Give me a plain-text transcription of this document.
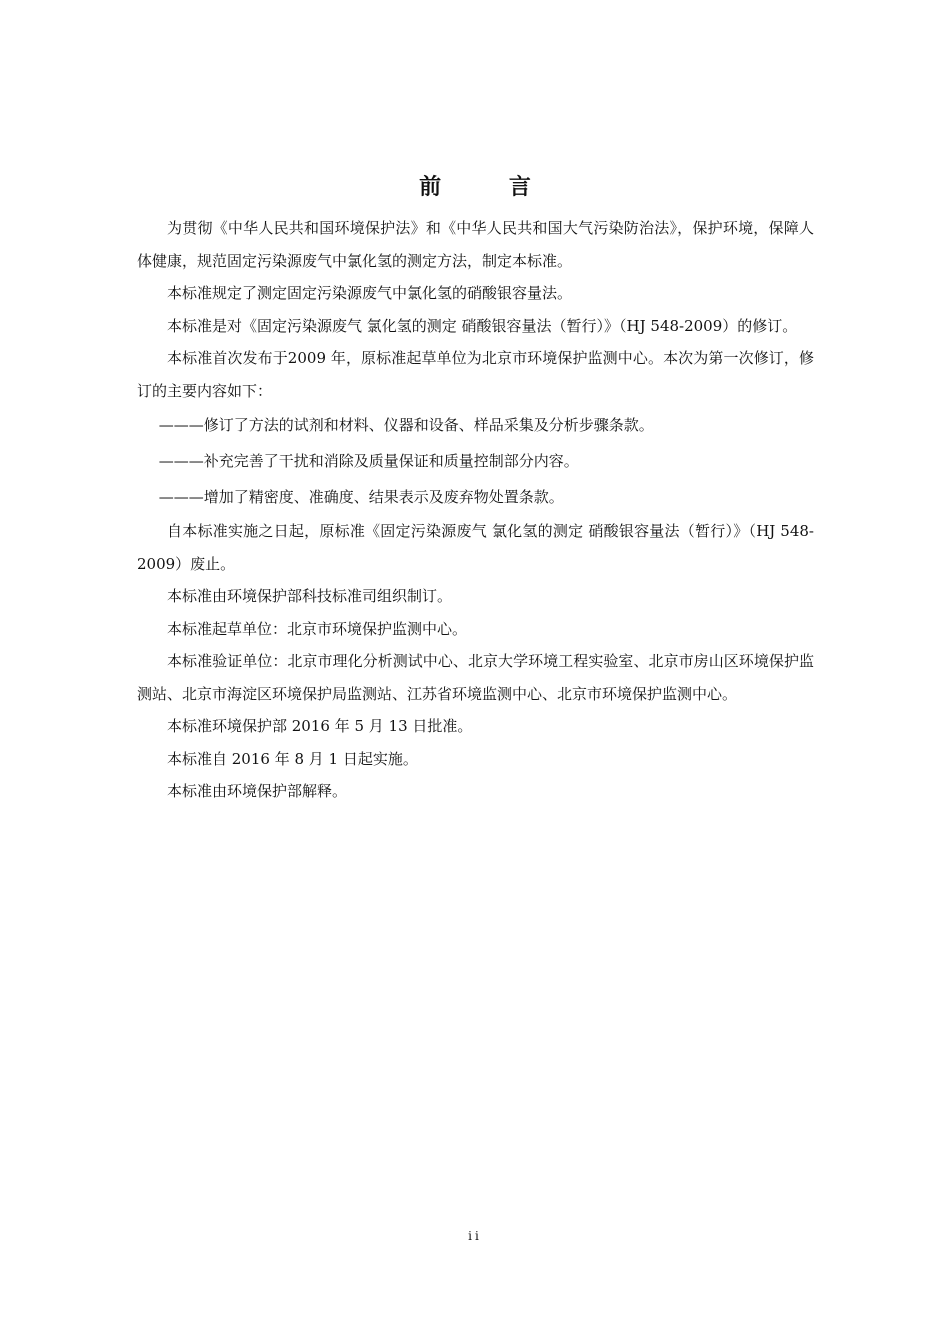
前 言

为贯彻《中华人民共和国环境保护法》和《中华人民共和国大气污染防治法》，保护环境，保障人体健康，规范固定污染源废气中氯化氢的测定方法，制定本标准。

本标准规定了测定固定污染源废气中氯化氢的硝酸银容量法。

本标准是对《固定污染源废气 氯化氢的测定 硝酸银容量法（暂行）》（HJ 548-2009）的修订。

本标准首次发布于2009 年，原标准起草单位为北京市环境保护监测中心。本次为第一次修订，修订的主要内容如下：

———修订了方法的试剂和材料、仪器和设备、样品采集及分析步骤条款。

———补充完善了干扰和消除及质量保证和质量控制部分内容。

———增加了精密度、准确度、结果表示及废弃物处置条款。

自本标准实施之日起，原标准《固定污染源废气 氯化氢的测定 硝酸银容量法（暂行）》（HJ 548-2009）废止。

本标准由环境保护部科技标准司组织制订。

本标准起草单位：北京市环境保护监测中心。

本标准验证单位：北京市理化分析测试中心、北京大学环境工程实验室、北京市房山区环境保护监测站、北京市海淀区环境保护局监测站、江苏省环境监测中心、北京市环境保护监测中心。

本标准环境保护部 2016 年 5 月 13 日批准。

本标准自 2016 年 8 月 1 日起实施。

本标准由环境保护部解释。

ii
